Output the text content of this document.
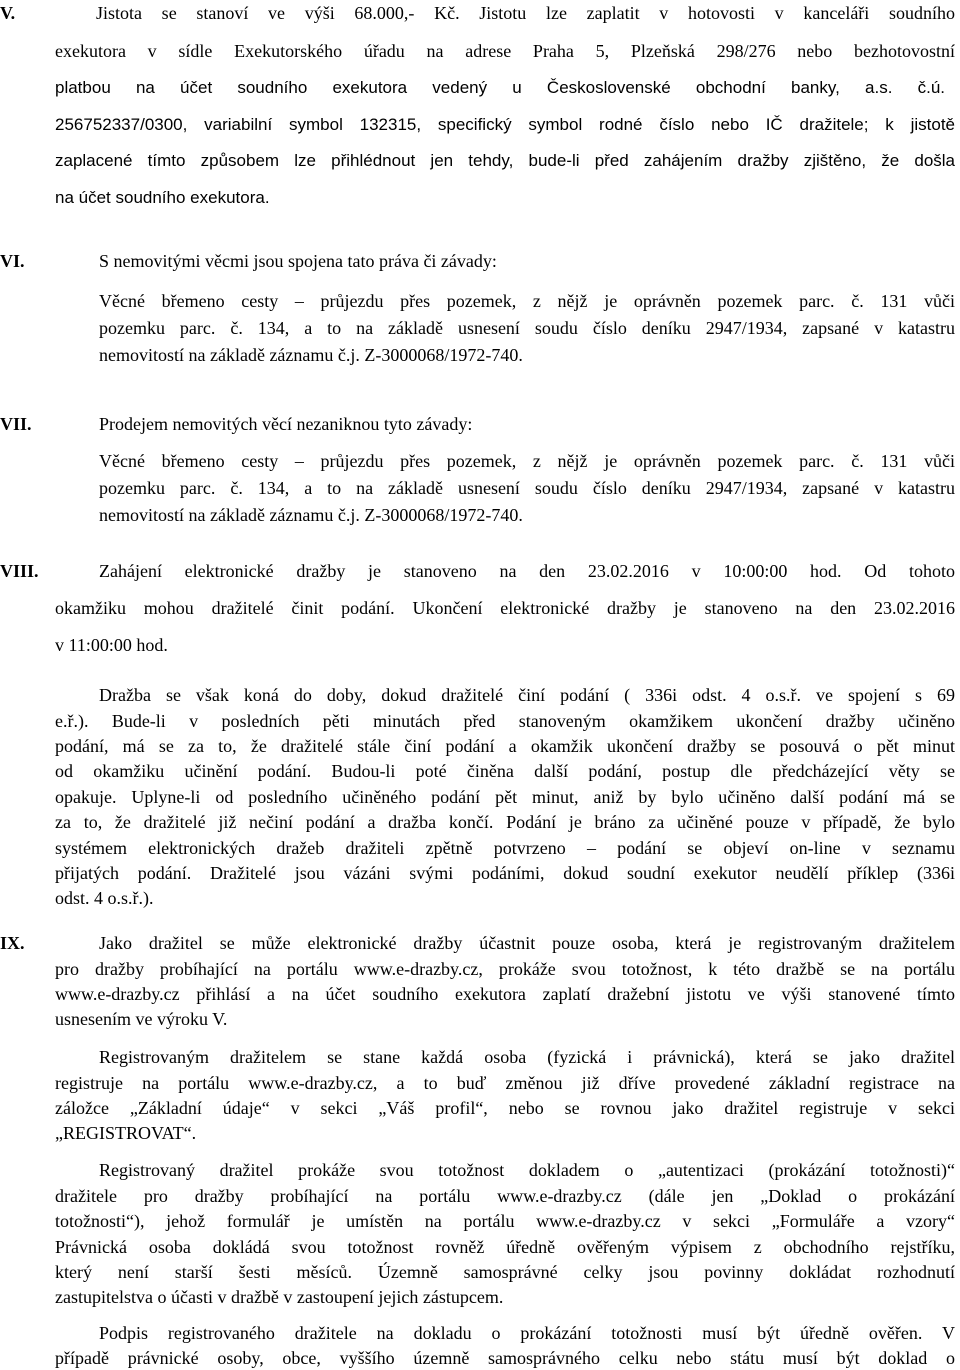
V.	Jistota se stanoví ve výši 68.000,- Kč. Jistotu lze zaplatit v hotovosti v kanceláři soudního
exekutora v sídle Exekutorského úřadu na adrese Praha 5, Plzeňská 298/276 nebo bezhotovostní
platbou na účet soudního exekutora vedený u Československé obchodní banky, a.s. č.ú.
256752337/0300, variabilní symbol 132315, specifický symbol rodné číslo nebo IČ dražitele; k jistotě
zaplacené tímto způsobem lze přihlédnout jen tehdy, bude-li před zahájením dražby zjištěno, že došla
na účet soudního exekutora.
VI.	S nemovitými věcmi jsou spojena tato práva či závady:
Věcné břemeno cesty – průjezdu přes pozemek, z nějž je oprávněn pozemek parc. č. 131 vůči
pozemku parc. č. 134, a to na základě usnesení soudu číslo deníku 2947/1934, zapsané v katastru
nemovitostí na základě záznamu č.j. Z-3000068/1972-740.
VII.	Prodejem nemovitých věcí nezaniknou tyto závady:
Věcné břemeno cesty – průjezdu přes pozemek, z nějž je oprávněn pozemek parc. č. 131 vůči
pozemku parc. č. 134, a to na základě usnesení soudu číslo deníku 2947/1934, zapsané v katastru
nemovitostí na základě záznamu č.j. Z-3000068/1972-740.
VIII.	Zahájení elektronické dražby je stanoveno na den 23.02.2016 v 10:00:00 hod. Od tohoto
okamžiku mohou dražitelé činit podání. Ukončení elektronické dražby je stanoveno na den 23.02.2016
v 11:00:00 hod.
Dražba se však koná do doby, dokud dražitelé činí podání ( 336i odst. 4 o.s.ř. ve spojení s 69
e.ř.). Bude-li v posledních pěti minutách před stanoveným okamžikem ukončení dražby učiněno
podání, má se za to, že dražitelé stále činí podání a okamžik ukončení dražby se posouvá o pět minut
od okamžiku učinění podání. Budou-li poté činěna další podání, postup dle předcházející věty se
opakuje. Uplyne-li od posledního učiněného podání pět minut, aniž by bylo učiněno další podání má se
za to, že dražitelé již nečiní podání a dražba končí. Podání je bráno za učiněné pouze v případě, že bylo
systémem elektronických dražeb dražiteli zpětně potvrzeno – podání se objeví on-line v seznamu
přijatých podání. Dražitelé jsou vázáni svými podáními, dokud soudní exekutor neudělí příklep (336i
odst. 4 o.s.ř.).
IX.	Jako dražitel se může elektronické dražby účastnit pouze osoba, která je registrovaným dražitelem
pro dražby probíhající na portálu www.e-drazby.cz, prokáže svou totožnost, k této dražbě se na portálu
www.e-drazby.cz přihlásí a na účet soudního exekutora zaplatí dražební jistotu ve výši stanovené tímto
usnesením ve výroku V.
Registrovaným dražitelem se stane každá osoba (fyzická i právnická), která se jako dražitel
registruje na portálu www.e-drazby.cz, a to buď změnou již dříve provedené základní registrace na
záložce „Základní údaje“ v sekci „Váš profil“, nebo se rovnou jako dražitel registruje v sekci
„REGISTROVAT“.
Registrovaný dražitel prokáže svou totožnost dokladem o „autentizaci (prokázání totožnosti)“
dražitele pro dražby probíhající na portálu www.e-drazby.cz (dále jen „Doklad o prokázání
totožnosti“), jehož formulář je umístěn na portálu www.e-drazby.cz v sekci „Formuláře a vzory“
Právnická osoba dokládá svou totožnost rovněž úředně ověřeným výpisem z obchodního rejstříku,
který není starší šesti měsíců. Územně samosprávné celky jsou povinny dokládat rozhodnutí
zastupitelstva o účasti v dražbě v zastoupení jejich zástupcem.
Podpis registrovaného dražitele na dokladu o prokázání totožnosti musí být úředně ověřen. V
případě právnické osoby, obce, vyššího územně samosprávného celku nebo státu musí být doklad o
